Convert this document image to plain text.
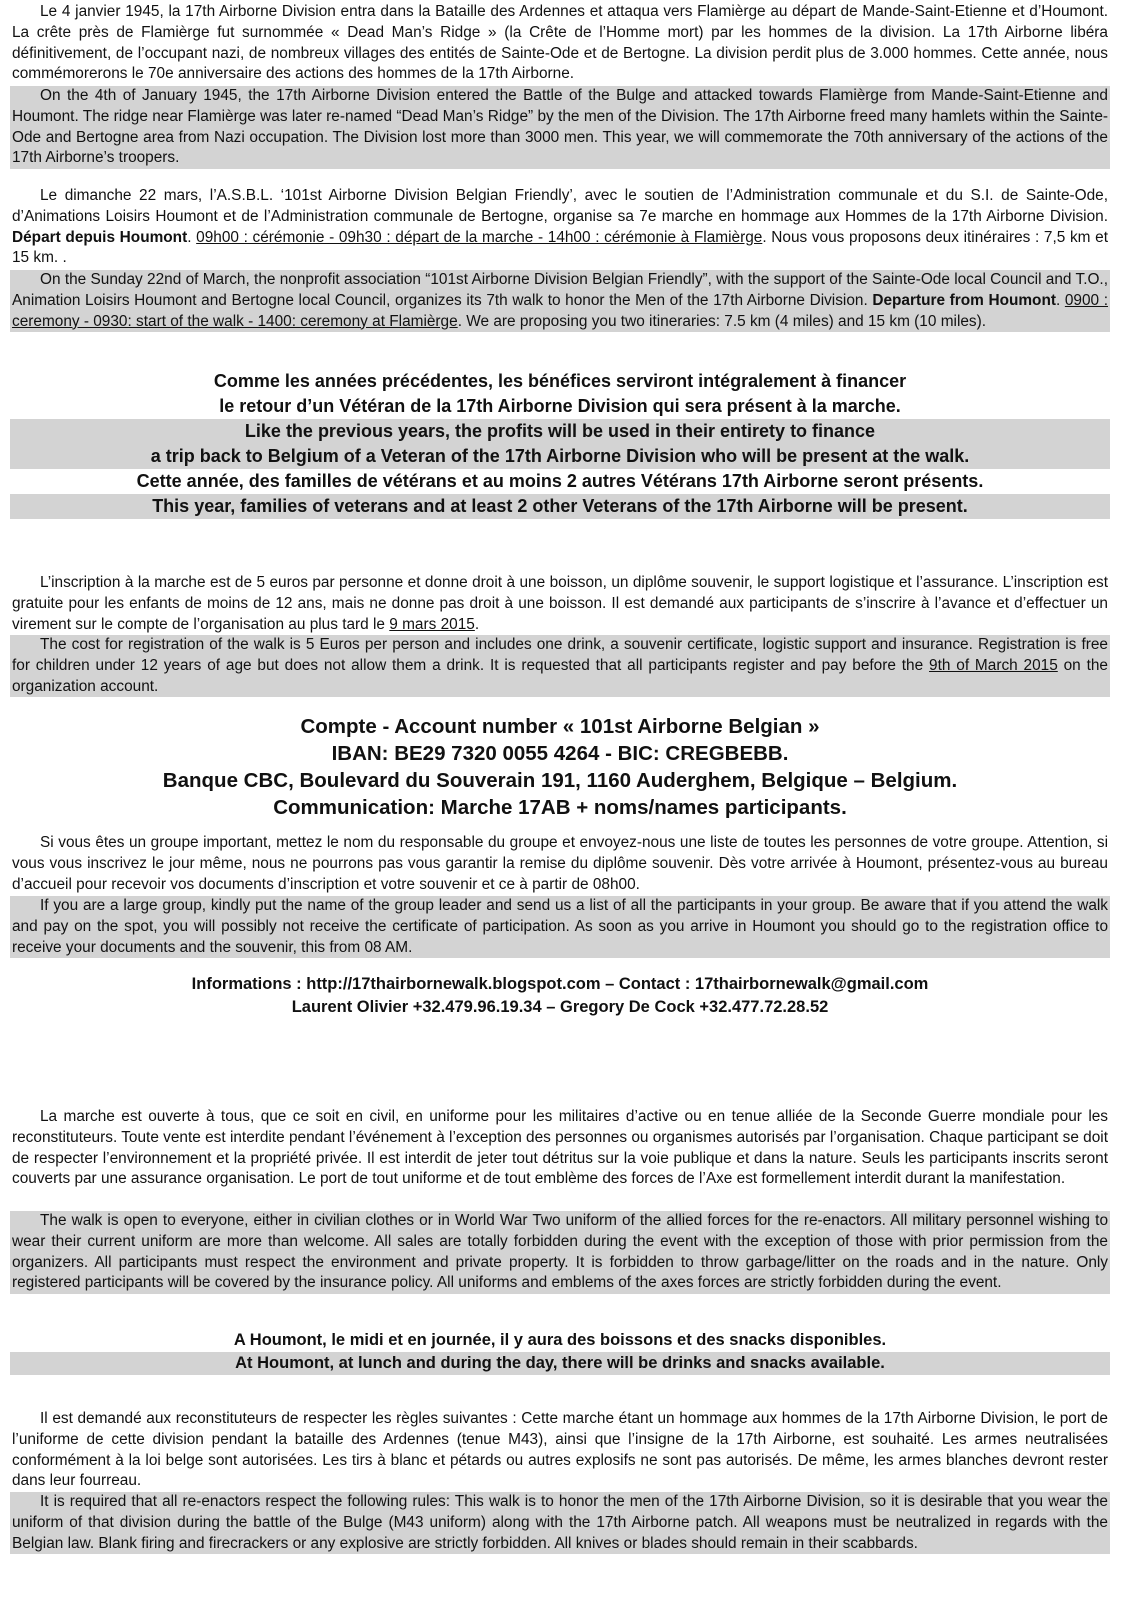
Le 4 janvier 1945, la 17th Airborne Division entra dans la Bataille des Ardennes et attaqua vers Flamièrge au départ de Mande-Saint-Etienne et d’Houmont. La crête près de Flamièrge fut surnommée « Dead Man’s Ridge » (la Crête de l’Homme mort) par les hommes de la division. La 17th Airborne libéra définitivement, de l’occupant nazi, de nombreux villages des entités de Sainte-Ode et de Bertogne. La division perdit plus de 3.000 hommes. Cette année, nous commémorerons le 70e anniversaire des actions des hommes de la 17th Airborne.

On the 4th of January 1945, the 17th Airborne Division entered the Battle of the Bulge and attacked towards Flamièrge from Mande-Saint-Etienne and Houmont. The ridge near Flamièrge was later re-named “Dead Man’s Ridge” by the men of the Division. The 17th Airborne freed many hamlets within the Sainte-Ode and Bertogne area from Nazi occupation. The Division lost more than 3000 men. This year, we will commemorate the 70th anniversary of the actions of the 17th Airborne’s troopers.

Le dimanche 22 mars, l’A.S.B.L. ‘101st Airborne Division Belgian Friendly’, avec le soutien de l’Administration communale et du S.I. de Sainte-Ode, d’Animations Loisirs Houmont et de l’Administration communale de Bertogne, organise sa 7e marche en hommage aux Hommes de la 17th Airborne Division. Départ depuis Houmont. 09h00 : cérémonie - 09h30 : départ de la marche - 14h00 : cérémonie à Flamièrge. Nous vous proposons deux itinéraires : 7,5 km et 15 km. .

On the Sunday 22nd of March, the nonprofit association “101st Airborne Division Belgian Friendly”, with the support of the Sainte-Ode local Council and T.O., Animation Loisirs Houmont and Bertogne local Council, organizes its 7th walk to honor the Men of the 17th Airborne Division. Departure from Houmont. 0900 : ceremony - 0930: start of the walk - 1400: ceremony at Flamièrge. We are proposing you two itineraries: 7.5 km (4 miles) and 15 km (10 miles).

Comme les années précédentes, les bénéfices serviront intégralement à financer
le retour d’un Vétéran de la 17th Airborne Division qui sera présent à la marche.
Like the previous years, the profits will be used in their entirety to finance
a trip back to Belgium of a Veteran of the 17th Airborne Division who will be present at the walk.
Cette année, des familles de vétérans et au moins 2 autres Vétérans 17th Airborne seront présents.
This year, families of veterans and at least 2 other Veterans of the 17th Airborne will be present.

L’inscription à la marche est de 5 euros par personne et donne droit à une boisson, un diplôme souvenir, le support logistique et l’assurance. L’inscription est gratuite pour les enfants de moins de 12 ans, mais ne donne pas droit à une boisson. Il est demandé aux participants de s’inscrire à l’avance et d’effectuer un virement sur le compte de l’organisation au plus tard le 9 mars 2015.

The cost for registration of the walk is 5 Euros per person and includes one drink, a souvenir certificate, logistic support and insurance. Registration is free for children under 12 years of age but does not allow them a drink. It is requested that all participants register and pay before the 9th of March 2015 on the organization account.

Compte - Account number « 101st Airborne Belgian »
IBAN: BE29 7320 0055 4264 - BIC: CREGBEBB.
Banque CBC, Boulevard du Souverain 191, 1160 Auderghem, Belgique – Belgium.
Communication: Marche 17AB + noms/names participants.

Si vous êtes un groupe important, mettez le nom du responsable du groupe et envoyez-nous une liste de toutes les personnes de votre groupe. Attention, si vous vous inscrivez le jour même, nous ne pourrons pas vous garantir la remise du diplôme souvenir. Dès votre arrivée à Houmont, présentez-vous au bureau d’accueil pour recevoir vos documents d’inscription et votre souvenir et ce à partir de 08h00.

If you are a large group, kindly put the name of the group leader and send us a list of all the participants in your group. Be aware that if you attend the walk and pay on the spot, you will possibly not receive the certificate of participation. As soon as you arrive in Houmont you should go to the registration office to receive your documents and the souvenir, this from 08 AM.

Informations : http://17thairbornewalk.blogspot.com – Contact : 17thairbornewalk@gmail.com
Laurent Olivier +32.479.96.19.34 – Gregory De Cock +32.477.72.28.52

La marche est ouverte à tous, que ce soit en civil, en uniforme pour les militaires d’active ou en tenue alliée de la Seconde Guerre mondiale pour les reconstituteurs. Toute vente est interdite pendant l’événement à l’exception des personnes ou organismes autorisés par l’organisation. Chaque participant se doit de respecter l’environnement et la propriété privée. Il est interdit de jeter tout détritus sur la voie publique et dans la nature. Seuls les participants inscrits seront couverts par une assurance organisation. Le port de tout uniforme et de tout emblème des forces de l’Axe est formellement interdit durant la manifestation.

The walk is open to everyone, either in civilian clothes or in World War Two uniform of the allied forces for the re-enactors. All military personnel wishing to wear their current uniform are more than welcome. All sales are totally forbidden during the event with the exception of those with prior permission from the organizers. All participants must respect the environment and private property. It is forbidden to throw garbage/litter on the roads and in the nature. Only registered participants will be covered by the insurance policy. All uniforms and emblems of the axes forces are strictly forbidden during the event.

A Houmont, le midi et en journée, il y aura des boissons et des snacks disponibles.
At Houmont, at lunch and during the day, there will be drinks and snacks available.

Il est demandé aux reconstituteurs de respecter les règles suivantes : Cette marche étant un hommage aux hommes de la 17th Airborne Division, le port de l’uniforme de cette division pendant la bataille des Ardennes (tenue M43), ainsi que l’insigne de la 17th Airborne, est souhaité. Les armes neutralisées conformément à la loi belge sont autorisées. Les tirs à blanc et pétards ou autres explosifs ne sont pas autorisés. De même, les armes blanches devront rester dans leur fourreau.

It is required that all re-enactors respect the following rules: This walk is to honor the men of the 17th Airborne Division, so it is desirable that you wear the uniform of that division during the battle of the Bulge (M43 uniform) along with the 17th Airborne patch. All weapons must be neutralized in regards with the Belgian law. Blank firing and firecrackers or any explosive are strictly forbidden. All knives or blades should remain in their scabbards.
